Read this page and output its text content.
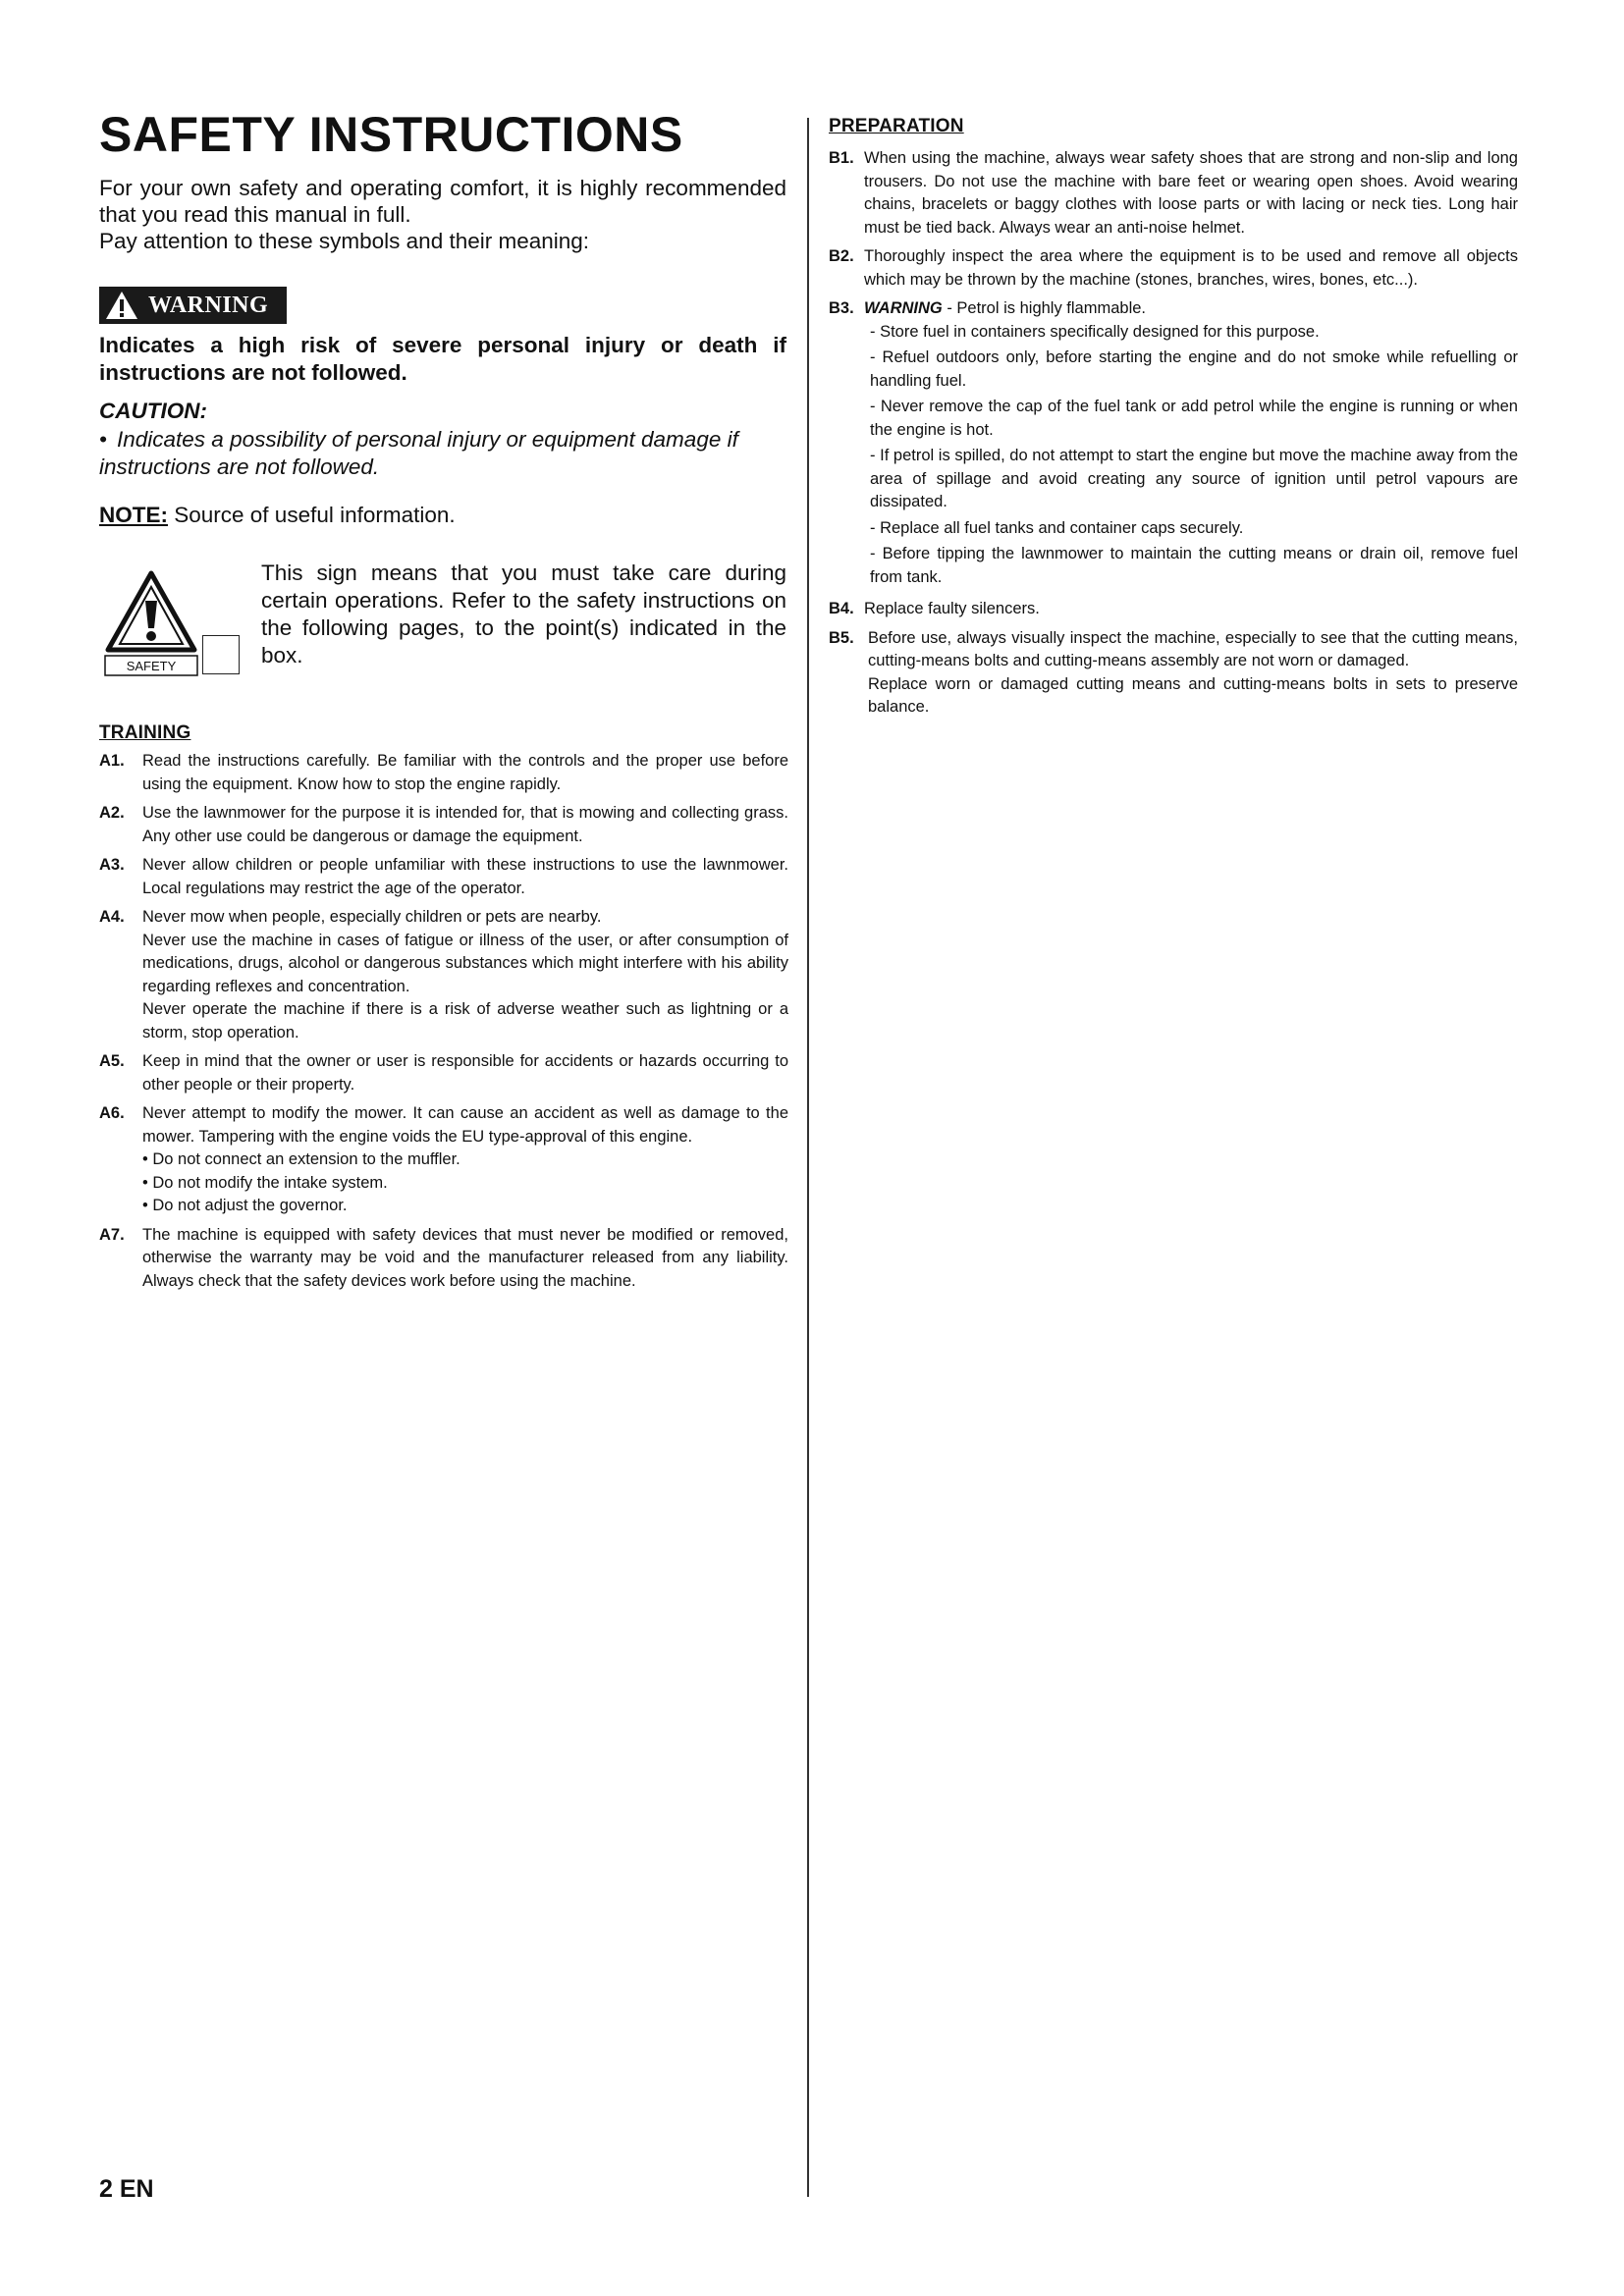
SAFETY INSTRUCTIONS

For your own safety and operating comfort, it is highly recommended that you read this manual in full.

Pay attention to these symbols and their meaning:

WARNING

Indicates a high risk of severe personal injury or death if instructions are not followed.

CAUTION:

• Indicates a possibility of personal injury or equipment damage if instructions are not followed.

NOTE: Source of useful information.

SAFETY

This sign means that you must take care during certain operations. Refer to the safety instructions on the following pages, to the point(s) indicated in the box.

TRAINING
A1.	Read the instructions carefully. Be familiar with the controls and the proper use before using the equipment. Know how to stop the engine rapidly.
A2.	Use the lawnmower for the purpose it is intended for, that is mowing and collecting grass. Any other use could be dangerous or damage the equipment.
A3.	Never allow children or people unfamiliar with these instructions to use the lawnmower. Local regulations may restrict the age of the operator.
A4.	Never mow when people, especially children or pets are nearby.
Never use the machine in cases of fatigue or illness of the user, or after consumption of medications, drugs, alcohol or dangerous substances which might interfere with his ability regarding reflexes and concentration.
Never operate the machine if there is a risk of adverse weather such as lightning or a storm, stop operation.
A5.	Keep in mind that the owner or user is responsible for accidents or hazards occurring to other people or their property.
A6.	Never attempt to modify the mower. It can cause an accident as well as damage to the mower. Tampering with the engine voids the EU type-approval of this engine.
• Do not connect an extension to the muffler.
• Do not modify the intake system.
• Do not adjust the governor.
A7.	The machine is equipped with safety devices that must never be modified or removed, otherwise the warranty may be void and the manufacturer released from any liability. Always check that the safety devices work before using the machine.
PREPARATION
B1. When using the machine, always wear safety shoes that are strong and non-slip and long trousers. Do not use the machine with bare feet or wearing open shoes. Avoid wearing chains, bracelets or baggy clothes with loose parts or with lacing or neck ties. Long hair must be tied back. Always wear an anti-noise helmet.
B2. Thoroughly inspect the area where the equipment is to be used and remove all objects which may be thrown by the machine (stones, branches, wires, bones, etc...).
B3. WARNING - Petrol is highly flammable.
- Store fuel in containers specifically designed for this purpose.
- Refuel outdoors only, before starting the engine and do not smoke while refuelling or handling fuel.
- Never remove the cap of the fuel tank or add petrol while the engine is running or when the engine is hot.
- If petrol is spilled, do not attempt to start the engine but move the machine away from the area of spillage and avoid creating any source of ignition until petrol vapours are dissipated.
- Replace all fuel tanks and container caps securely.
- Before tipping the lawnmower to maintain the cutting means or drain oil, remove fuel from tank.
B4. Replace faulty silencers.
B5. Before use, always visually inspect the machine, especially to see that the cutting means, cutting-means bolts and cutting-means assembly are not worn or damaged.
Replace worn or damaged cutting means and cutting-means bolts in sets to preserve balance.

2 EN
